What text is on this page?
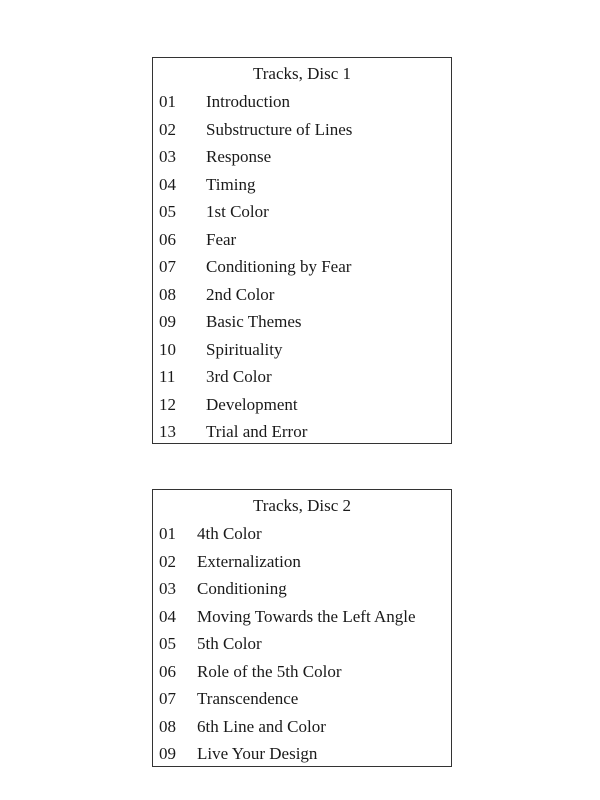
Tracks, Disc 1
01 Introduction
02 Substructure of Lines
03 Response
04 Timing
05 1st Color
06 Fear
07 Conditioning by Fear
08 2nd Color
09 Basic Themes
10 Spirituality
11 3rd Color
12 Development
13 Trial and Error
Tracks, Disc 2
01 4th Color
02 Externalization
03 Conditioning
04 Moving Towards the Left Angle
05 5th Color
06 Role of the 5th Color
07 Transcendence
08 6th Line and Color
09 Live Your Design
